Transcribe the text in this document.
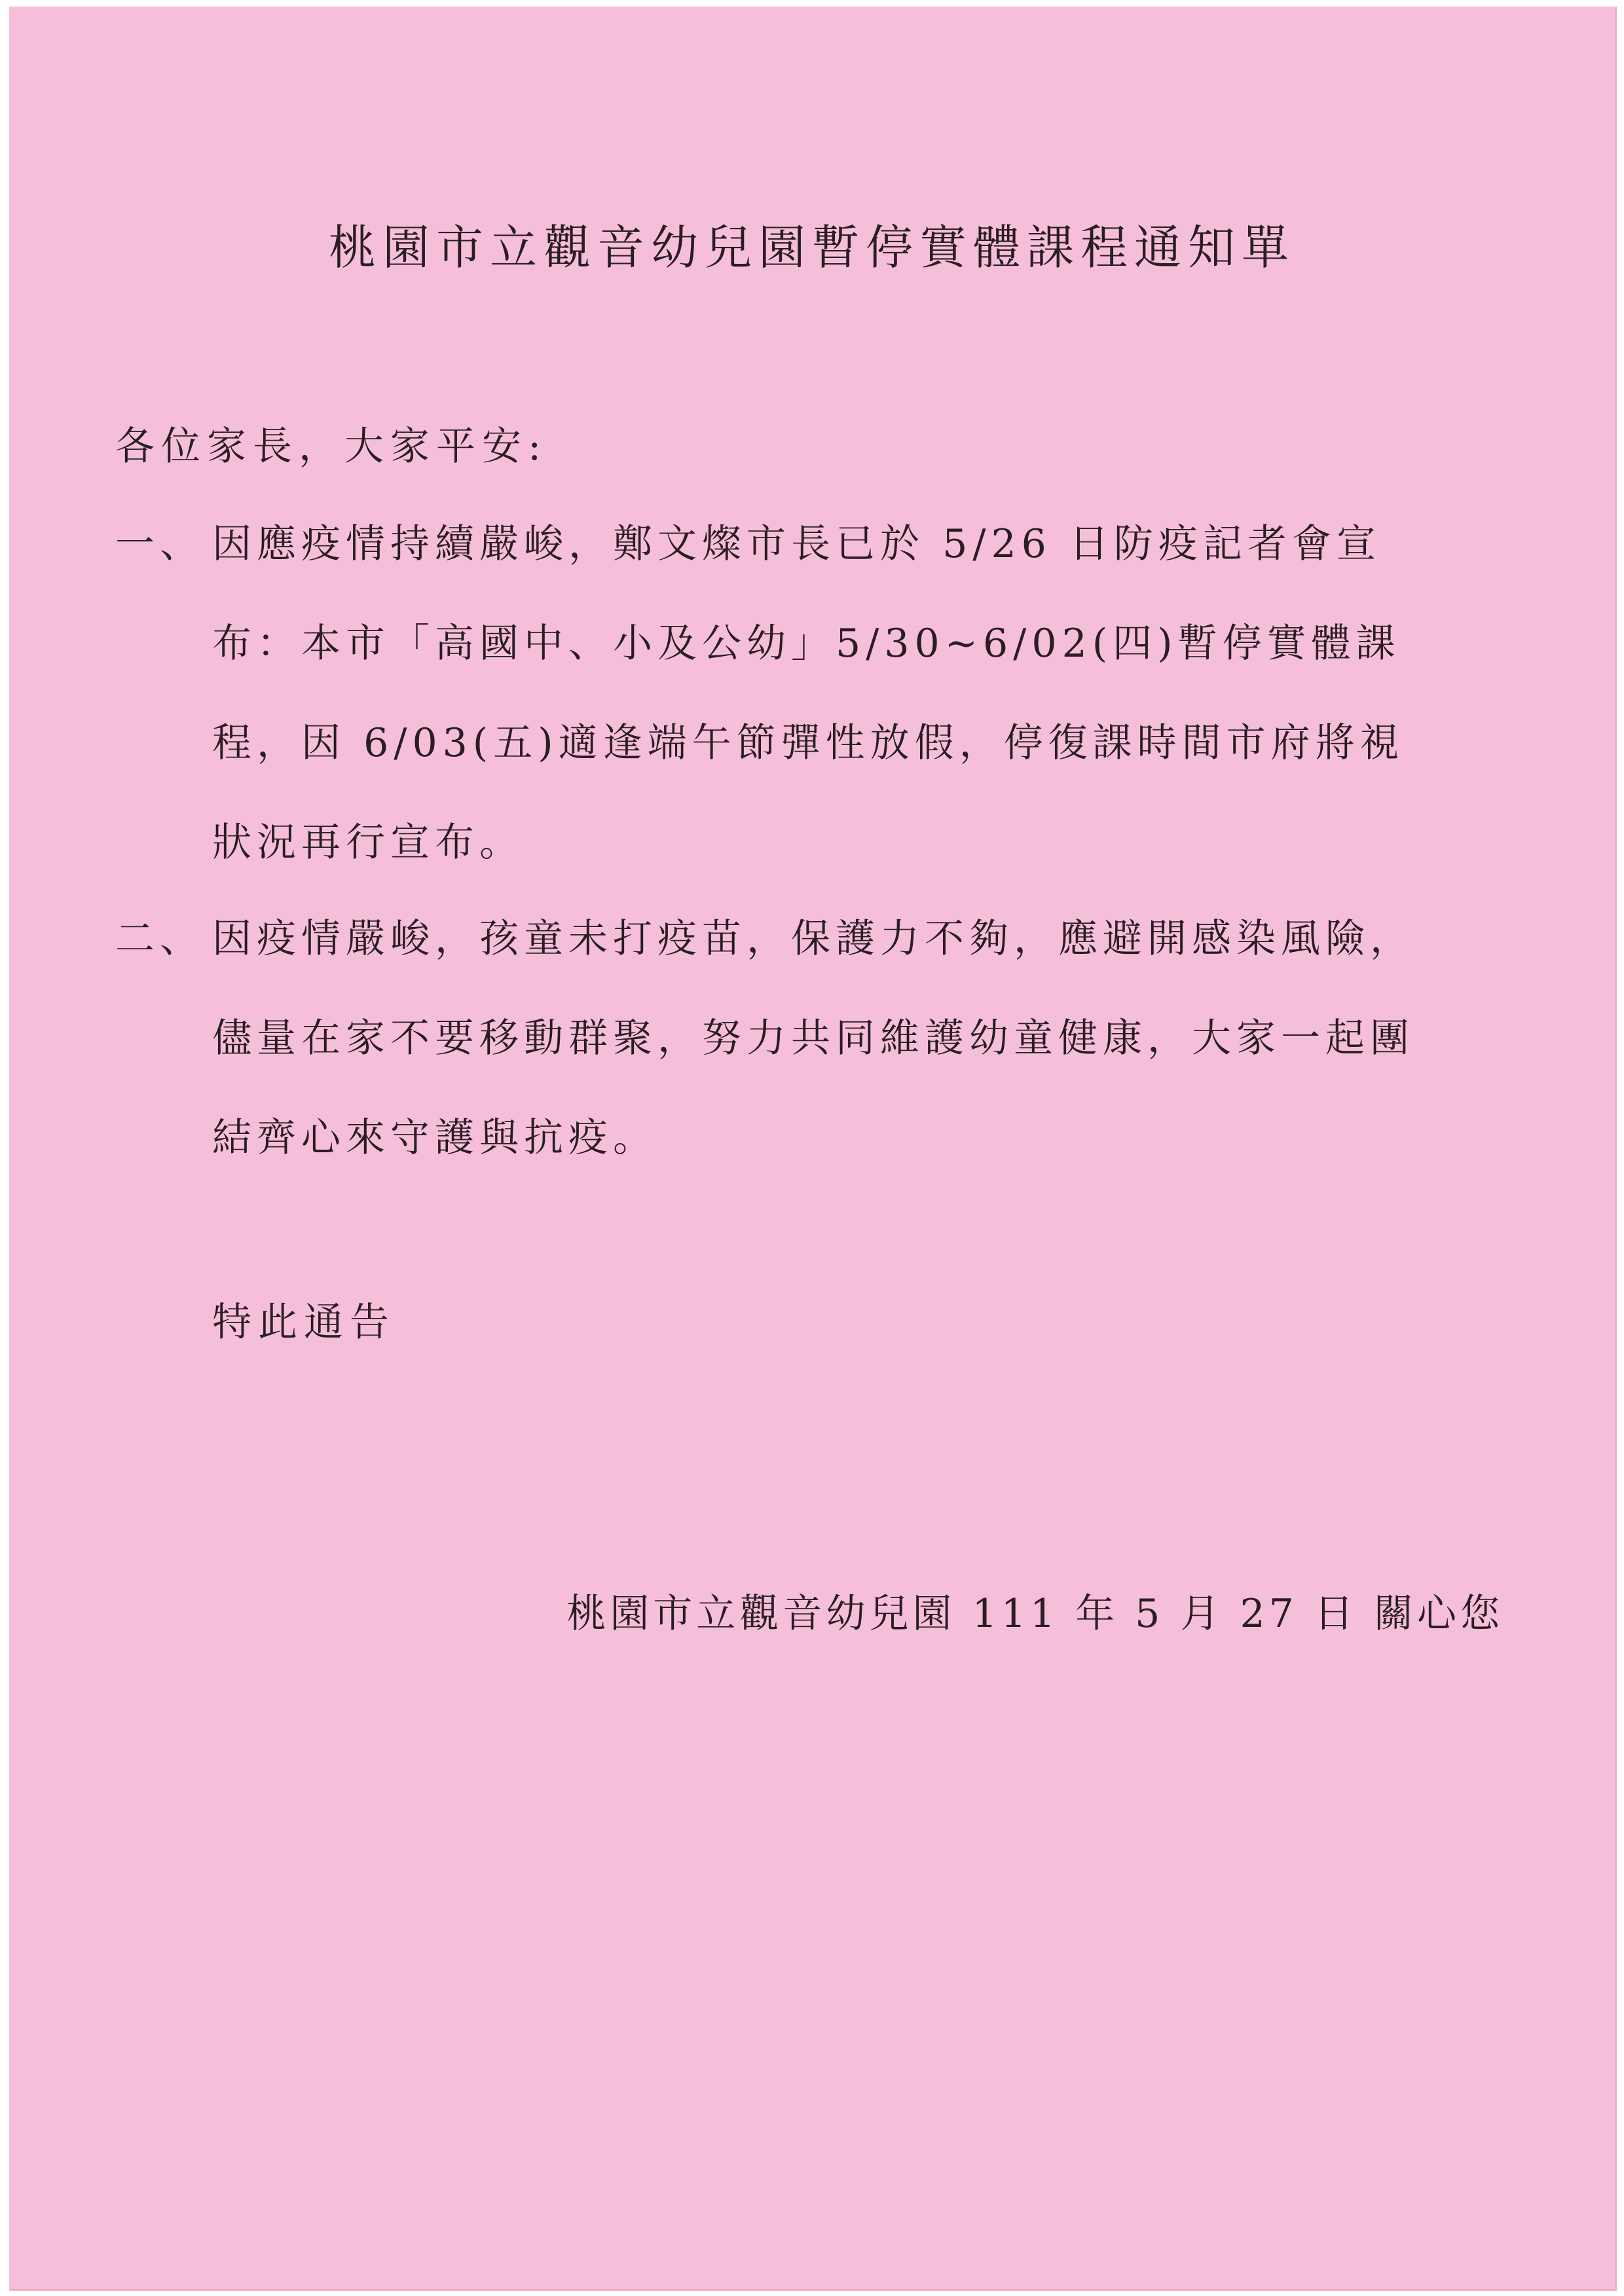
桃園市立觀音幼兒園暫停實體課程通知單
各位家長，大家平安:
一、 因應疫情持續嚴峻，鄭文燦市長已於 5/26 日防疫記者會宣
布：本市「高國中、小及公幼」5/30~6/02(四)暫停實體課
程，因 6/03(五)適逢端午節彈性放假，停復課時間市府將視
狀況再行宣布。
二、 因疫情嚴峻，孩童未打疫苗，保護力不夠，應避開感染風險，
儘量在家不要移動群聚，努力共同維護幼童健康，大家一起團
結齊心來守護與抗疫。
特此通告
桃園市立觀音幼兒園 111 年 5 月 27 日 關心您
